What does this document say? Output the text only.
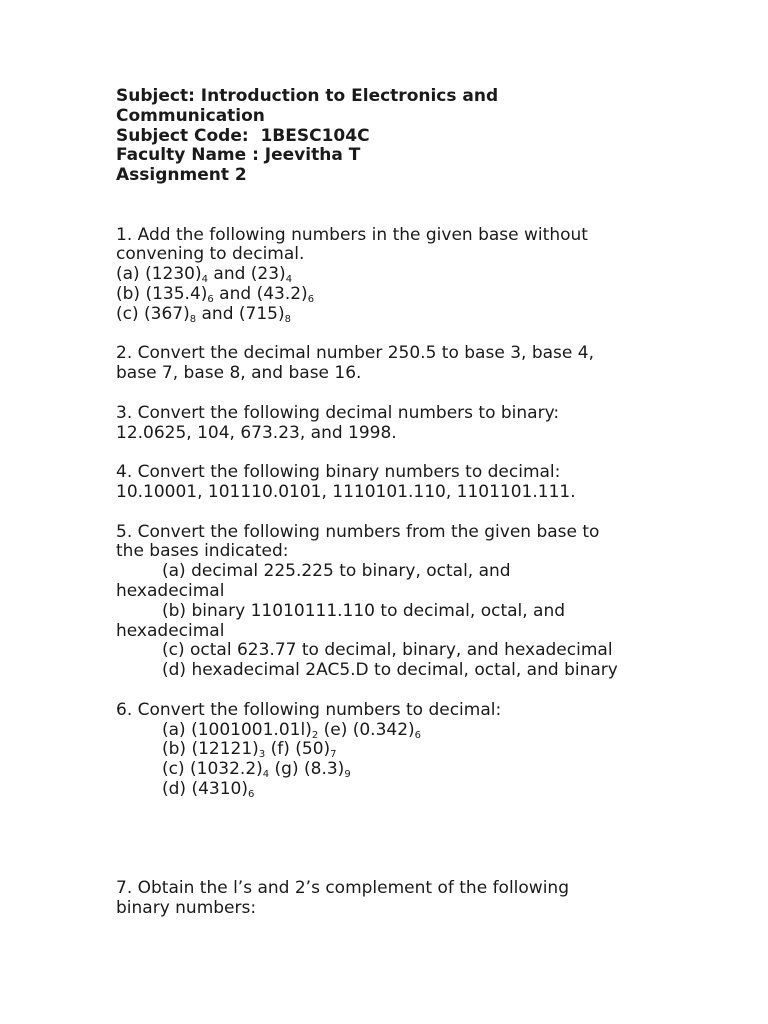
Subject: Introduction to Electronics and
Communication
Subject Code:  1BESC104C
Faculty Name : Jeevitha T
Assignment 2
1. Add the following numbers in the given base without
convening to decimal.
(a) $(1230)_4$ and $(23)_4$
(b) $(135.4)_6$ and $(43.2)_6$
(c) $(367)_8$ and $(715)_8$
2. Convert the decimal number 250.5 to base 3, base 4,
base 7, base 8, and base 16.
3. Convert the following decimal numbers to binary:
12.0625, 104, 673.23, and 1998.
4. Convert the following binary numbers to decimal:
10.10001, 101110.0101, 1110101.110, 1101101.111.
5. Convert the following numbers from the given base to
the bases indicated:
(a) decimal 225.225 to binary, octal, and
hexadecimal
(b) binary 11010111.110 to decimal, octal, and
hexadecimal
(c) octal 623.77 to decimal, binary, and hexadecimal
(d) hexadecimal 2AC5.D to decimal, octal, and binary
6. Convert the following numbers to decimal:
(a) $(1001001.01l)_2$ (e) $(0.342)_6$
(b) $(12121)_3$ (f) $(50)_7$
(c) $(1032.2)_4$ (g) $(8.3)_9$
(d) $(4310)_6$
7. Obtain the l’s and 2’s complement of the following
binary numbers:
